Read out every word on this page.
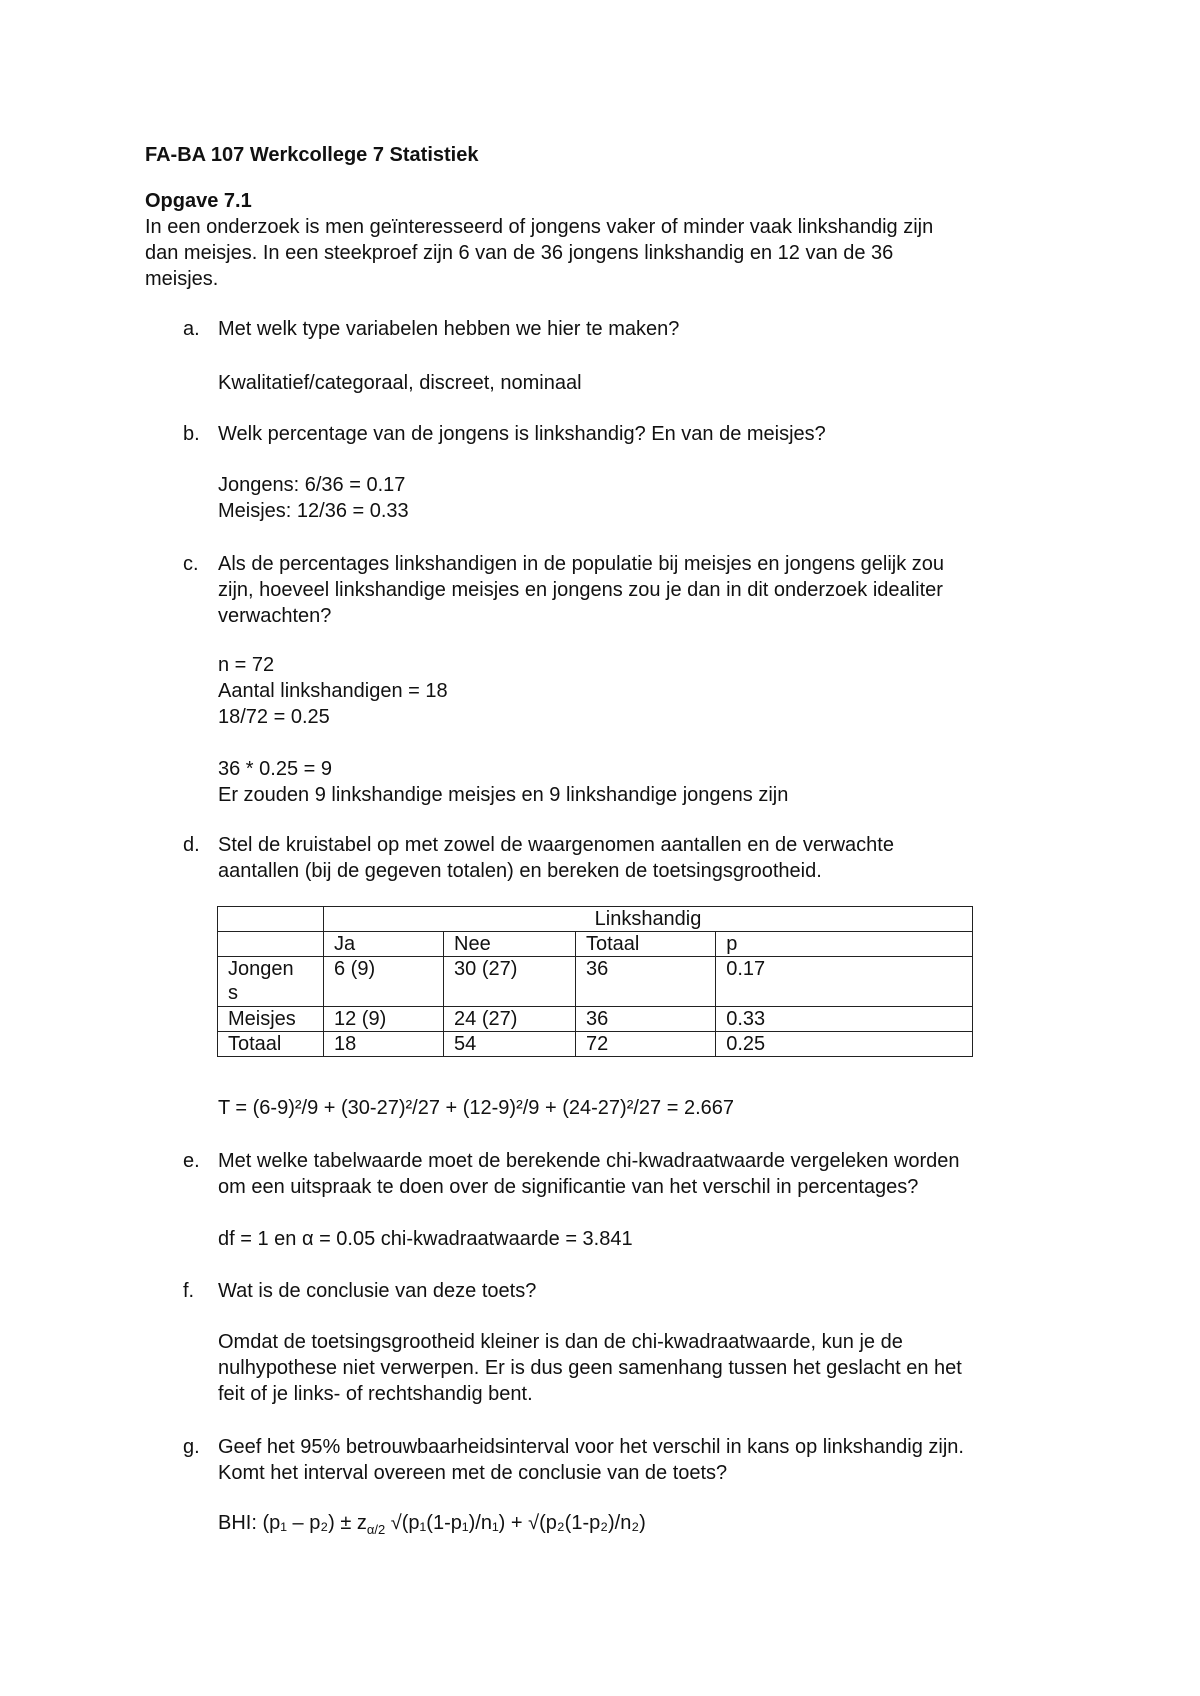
FA-BA 107 Werkcollege 7 Statistiek
Opgave 7.1
In een onderzoek is men geïnteresseerd of jongens vaker of minder vaak linkshandig zijn
dan meisjes. In een steekproef zijn 6 van de 36 jongens linkshandig en 12 van de 36
meisjes.
a. Met welk type variabelen hebben we hier te maken?
Kwalitatief/categoraal, discreet, nominaal
b. Welk percentage van de jongens is linkshandig? En van de meisjes?
Jongens: 6/36 = 0.17
Meisjes: 12/36 = 0.33
c. Als de percentages linkshandigen in de populatie bij meisjes en jongens gelijk zou
zijn, hoeveel linkshandige meisjes en jongens zou je dan in dit onderzoek idealiter
verwachten?
n = 72
Aantal linkshandigen = 18
18/72 = 0.25
36 * 0.25 = 9
Er zouden 9 linkshandige meisjes en 9 linkshandige jongens zijn
d. Stel de kruistabel op met zowel de waargenomen aantallen en de verwachte
aantallen (bij de gegeven totalen) en bereken de toetsingsgrootheid.
	Linkshandig			
	Ja	Nee	Totaal	p
Jongen
s	6 (9)	30 (27)	36	0.17
Meisjes	12 (9)	24 (27)	36	0.33
Totaal	18	54	72	0.25
T = (6-9)²/9 + (30-27)²/27 + (12-9)²/9 + (24-27)²/27 = 2.667
e. Met welke tabelwaarde moet de berekende chi-kwadraatwaarde vergeleken worden
om een uitspraak te doen over de significantie van het verschil in percentages?
df = 1 en α = 0.05 chi-kwadraatwaarde = 3.841
f. Wat is de conclusie van deze toets?
Omdat de toetsingsgrootheid kleiner is dan de chi-kwadraatwaarde, kun je de
nulhypothese niet verwerpen. Er is dus geen samenhang tussen het geslacht en het
feit of je links- of rechtshandig bent.
g. Geef het 95% betrouwbaarheidsinterval voor het verschil in kans op linkshandig zijn.
Komt het interval overeen met de conclusie van de toets?
BHI: $(p_1 - p_2) \pm z_{\alpha/2}$ √(p₁(1-p₁)/n₁) + √(p₂(1-p₂)/n₂)
